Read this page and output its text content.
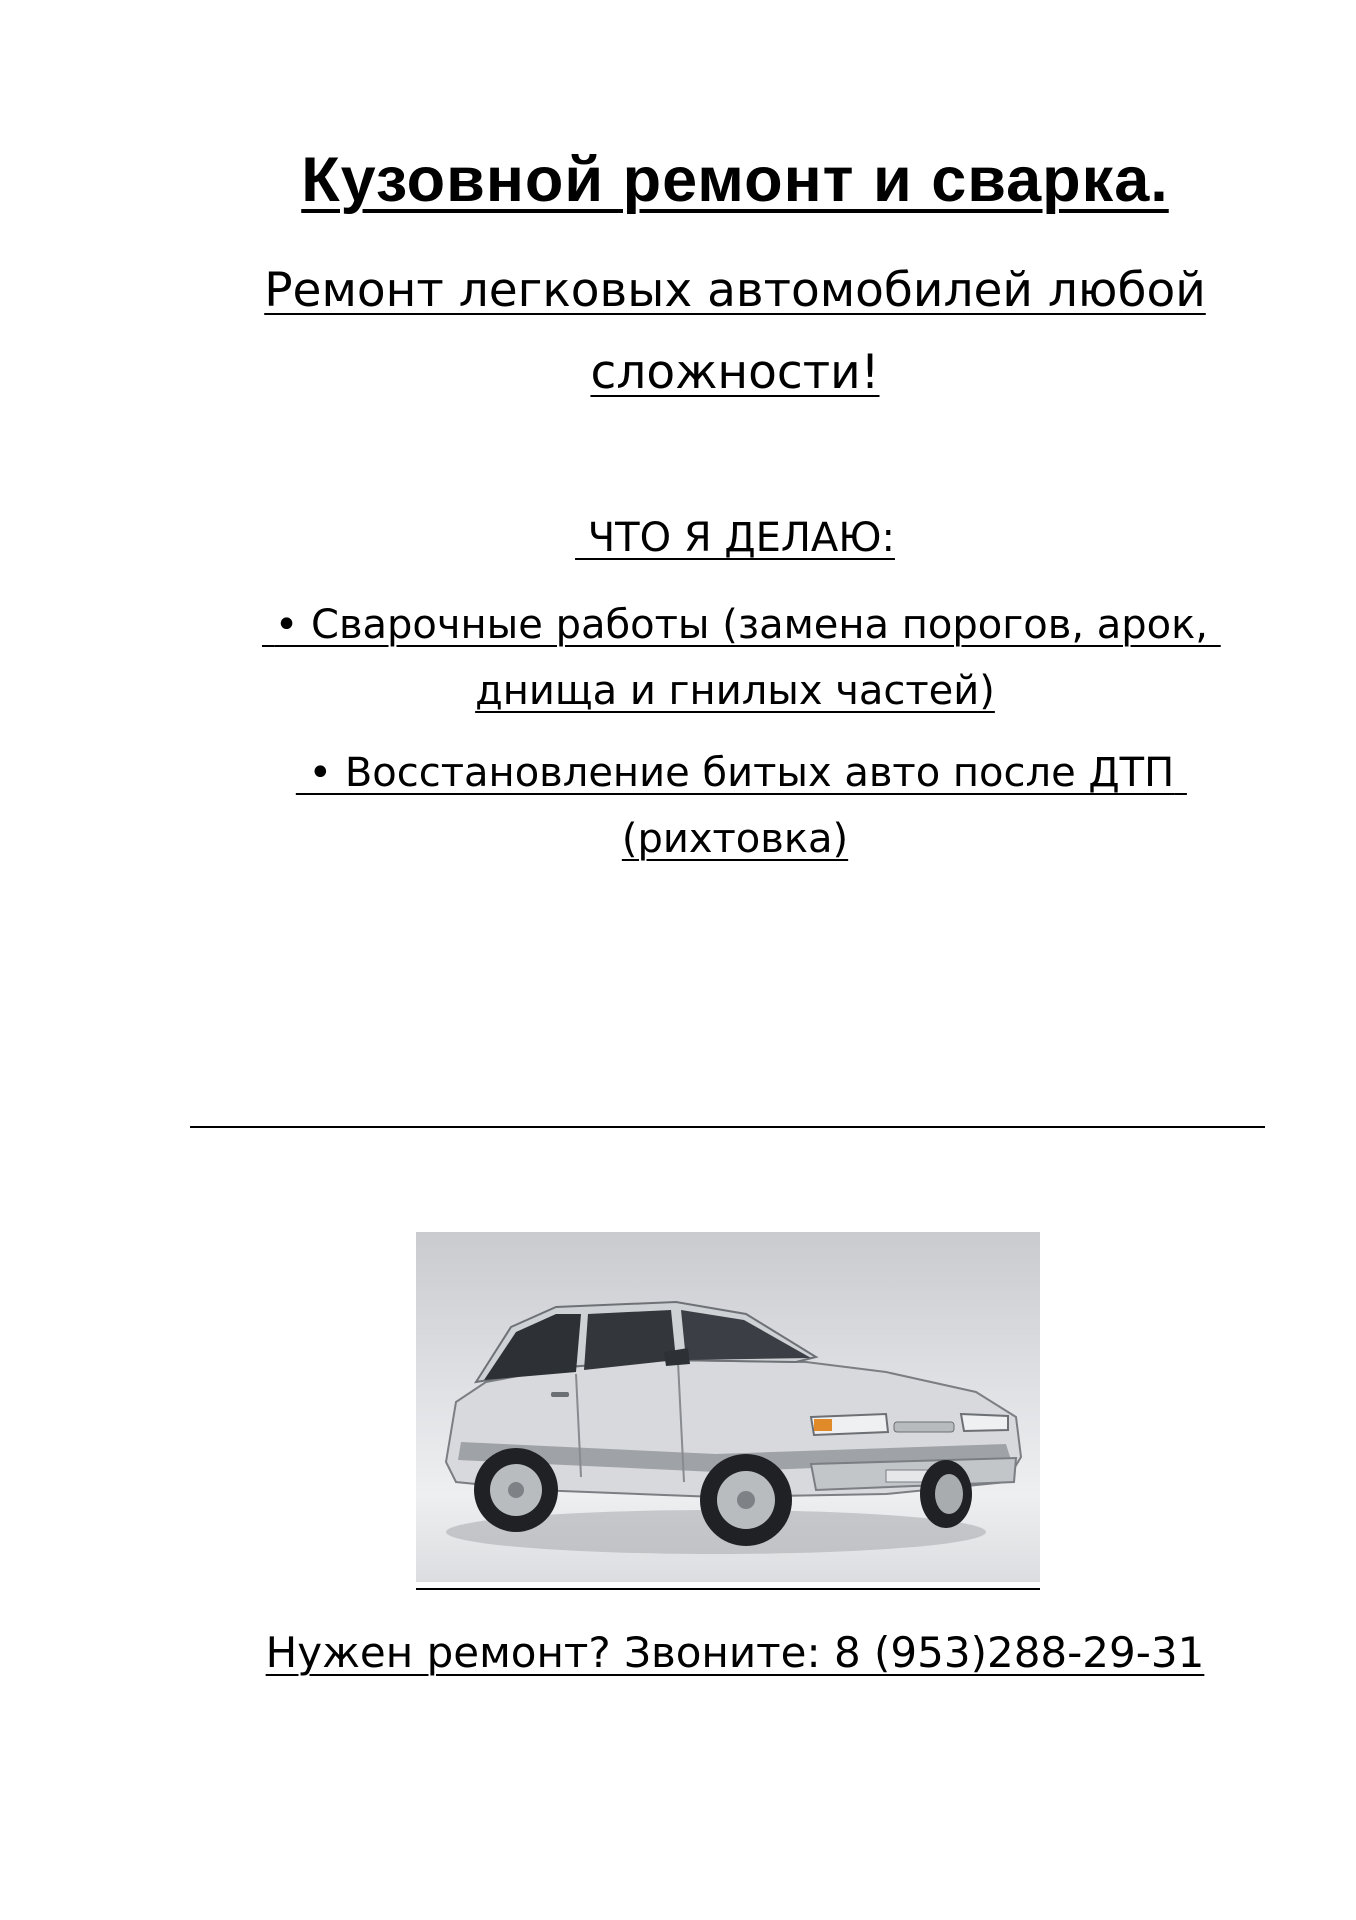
Кузовной ремонт и сварка.
Ремонт легковых автомобилей любой сложности!
ЧТО Я ДЕЛАЮ:
• Сварочные работы (замена порогов, арок, днища и гнилых частей)
• Восстановление битых авто после ДТП (рихтовка)
Нужен ремонт? Звоните: 8 (953)288-29-31
